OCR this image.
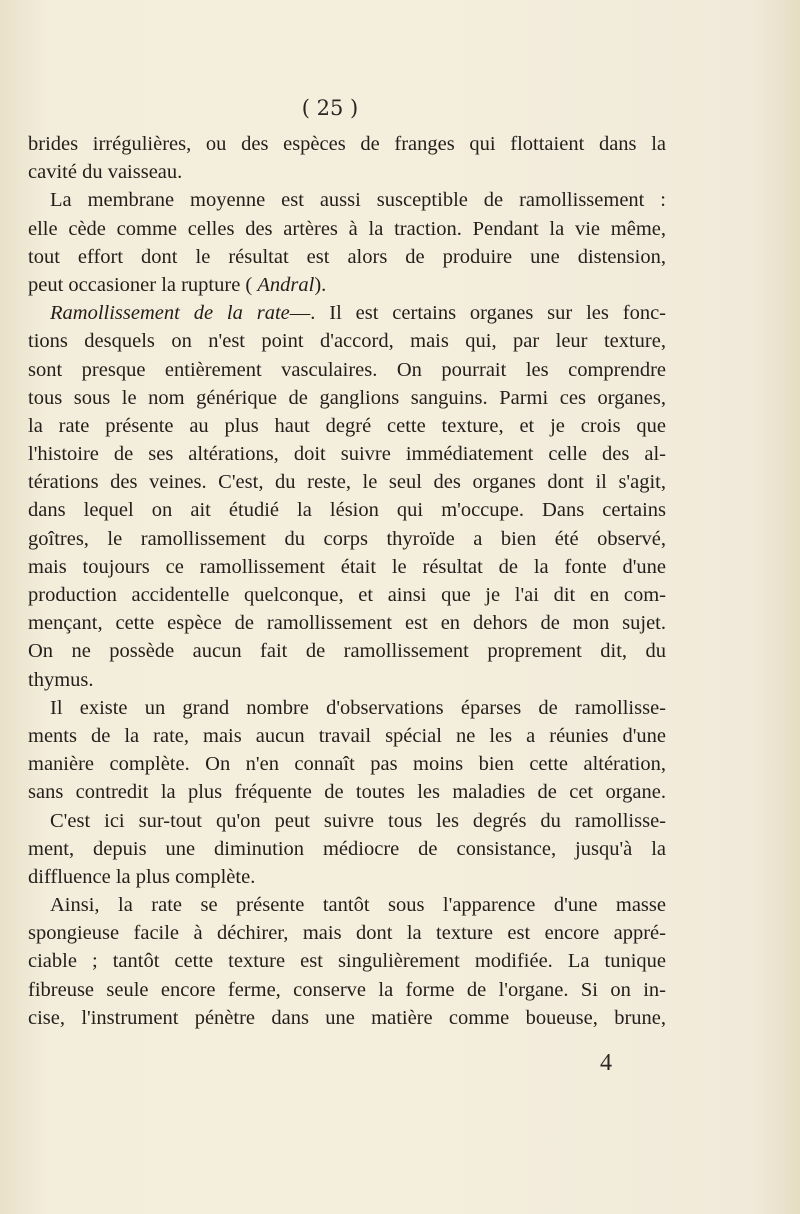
( 25 )
brides irrégulières, ou des espèces de franges qui flottaient dans la
cavité du vaisseau.
La membrane moyenne est aussi susceptible de ramollissement :
elle cède comme celles des artères à la traction. Pendant la vie même,
tout effort dont le résultat est alors de produire une distension,
peut occasioner la rupture ( Andral).
Ramollissement de la rate—. Il est certains organes sur les fonc-
tions desquels on n'est point d'accord, mais qui, par leur texture,
sont presque entièrement vasculaires. On pourrait les comprendre
tous sous le nom générique de ganglions sanguins. Parmi ces organes,
la rate présente au plus haut degré cette texture, et je crois que
l'histoire de ses altérations, doit suivre immédiatement celle des al-
térations des veines. C'est, du reste, le seul des organes dont il s'agit,
dans lequel on ait étudié la lésion qui m'occupe. Dans certains
goîtres, le ramollissement du corps thyroïde a bien été observé,
mais toujours ce ramollissement était le résultat de la fonte d'une
production accidentelle quelconque, et ainsi que je l'ai dit en com-
mençant, cette espèce de ramollissement est en dehors de mon sujet.
On ne possède aucun fait de ramollissement proprement dit, du
thymus.
Il existe un grand nombre d'observations éparses de ramollisse-
ments de la rate, mais aucun travail spécial ne les a réunies d'une
manière complète. On n'en connaît pas moins bien cette altération,
sans contredit la plus fréquente de toutes les maladies de cet organe.
C'est ici sur-tout qu'on peut suivre tous les degrés du ramollisse-
ment, depuis une diminution médiocre de consistance, jusqu'à la
diffluence la plus complète.
Ainsi, la rate se présente tantôt sous l'apparence d'une masse
spongieuse facile à déchirer, mais dont la texture est encore appré-
ciable ; tantôt cette texture est singulièrement modifiée. La tunique
fibreuse seule encore ferme, conserve la forme de l'organe. Si on in-
cise, l'instrument pénètre dans une matière comme boueuse, brune,
4
